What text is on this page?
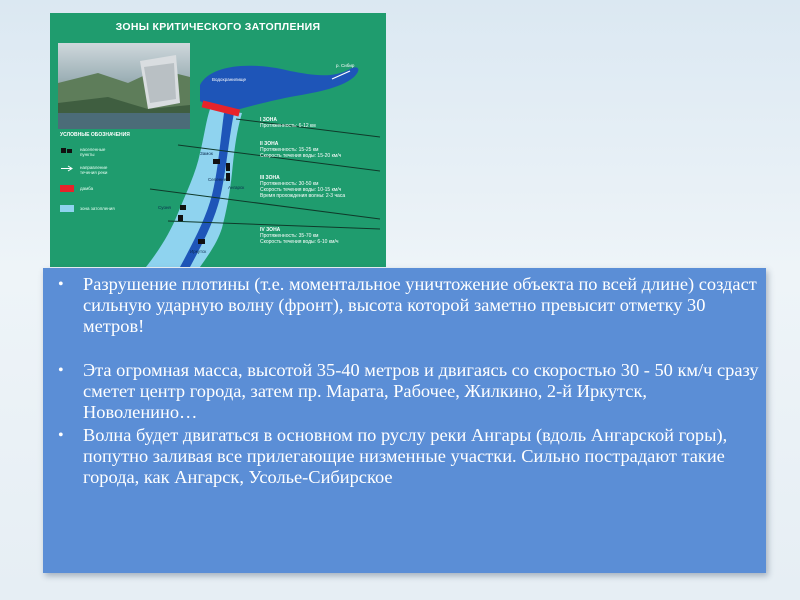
ЗОНЫ КРИТИЧЕСКОГО ЗАТОПЛЕНИЯ
Водохранилище
р. Сибир
УСЛОВНЫЕ ОБОЗНАЧЕНИЯ
населенные пункты
направление течения реки
дамба
зона затопления
I ЗОНА
Протяженность: 6-12 км
II ЗОНА
Протяженность: 15-25 км
Скорость течения воды: 15-20 км/ч
III ЗОНА
Протяженность: 30-50 км
Скорость течения воды: 10-15 км/ч
Время прохождения волны: 2-3 часа
IV ЗОНА
Протяженность: 35-70 км
Скорость течения воды: 6-10 км/ч
Замок
Селение
Ангарск
Суоня
Иркутск
• Разрушение плотины (т.е. моментальное уничтожение объекта по всей длине) создаст сильную ударную волну (фронт), высота которой заметно превысит отметку 30 метров!
• Эта огромная масса, высотой 35-40 метров и двигаясь со скоростью 30 - 50 км/ч сразу сметет центр города, затем пр. Марата, Рабочее, Жилкино, 2-й Иркутск, Новоленино…
• Волна будет двигаться в основном по руслу реки Ангары (вдоль Ангарской горы), попутно заливая все прилегающие низменные участки. Сильно пострадают такие города, как Ангарск, Усолье-Сибирское
